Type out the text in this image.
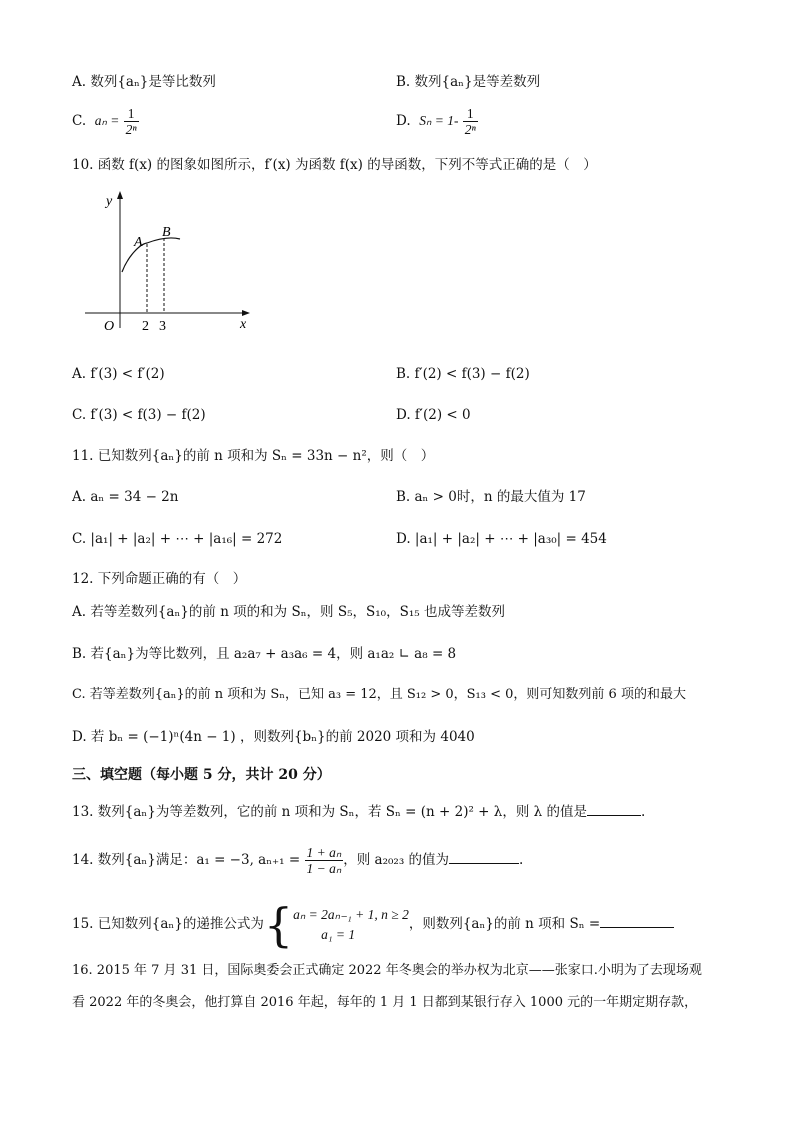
A. 数列{aₙ}是等比数列	B. 数列{aₙ}是等差数列
C. $a_n = \frac{1}{\text{2ⁿ}}$	D. $S_n = 1- \frac{1}{\text{2ⁿ}}$
10. 函数 f(x) 的图象如图所示，f′(x) 为函数 f(x) 的导函数，下列不等式正确的是（　）
y
x
O
A
B
2 3
A. f′(3) < f′(2)	B. f′(2) < f(3) − f(2)
C. f′(3) < f(3) − f(2)	D. f′(2) < 0
11. 已知数列{aₙ}的前 n 项和为 Sₙ = 33n − n²，则（　）
A. aₙ = 34 − 2n	B. aₙ > 0时，n 的最大值为 17
C. |a₁| + |a₂| + ⋯ + |a₁₆| = 272	D. |a₁| + |a₂| + ⋯ + |a₃₀| = 454
12. 下列命题正确的有（　）
A. 若等差数列{aₙ}的前 n 项的和为 Sₙ，则 S₅，S₁₀，S₁₅ 也成等差数列
B. 若{aₙ}为等比数列，且 a₂a₇ + a₃a₆ = 4，则 a₁a₂ ∟ a₈ = 8
C. 若等差数列{aₙ}的前 n 项和为 Sₙ，已知 a₃ = 12，且 S₁₂ > 0，S₁₃ < 0，则可知数列前 6 项的和最大
D. 若 bₙ = (−1)ⁿ(4n − 1) ，则数列{bₙ}的前 2020 项和为 4040
三、填空题（每小题 5 分，共计 20 分）
13. 数列{aₙ}为等差数列，它的前 n 项和为 Sₙ，若 Sₙ = (n + 2)² + λ，则 λ 的值是	.
14. 数列{aₙ}满足：a₁ = −3, $a_{n+1} = \frac{\text{1 + aₙ}}{\text{1 − aₙ}}$ ，则 a₂₀₂₃ 的值为	.
15. 已知数列{aₙ}的递推公式为{ aₙ = 2aₙ₋₁ + 1, n ≥ 2
a₁ = 1
，则数列{aₙ}的前 n 项和 Sₙ =
16. 2015 年 7 月 31 日，国际奥委会正式确定 2022 年冬奥会的举办权为北京——张家口.小明为了去现场观
看 2022 年的冬奥会，他打算自 2016 年起，每年的 1 月 1 日都到某银行存入 1000 元的一年期定期存款，
